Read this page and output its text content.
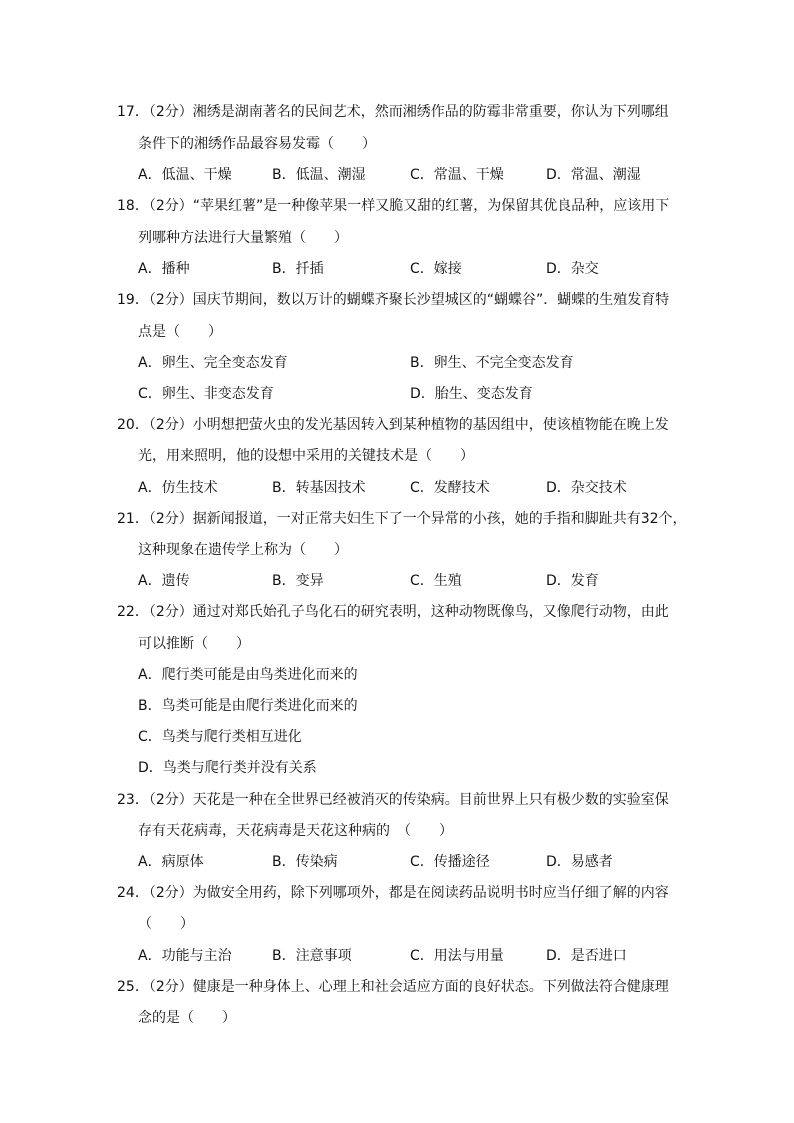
17．（2分）湘绣是湖南著名的民间艺术，然而湘绣作品的防霉非常重要，你认为下列哪组
条件下的湘绣作品最容易发霉（　　）
A．低温、干燥	B．低温、潮湿	C．常温、干燥	D．常温、潮湿
18．（2分）“苹果红薯”是一种像苹果一样又脆又甜的红薯，为保留其优良品种，应该用下
列哪种方法进行大量繁殖（　　）
A．播种	B．扦插	C．嫁接	D．杂交
19．（2分）国庆节期间，数以万计的蝴蝶齐聚长沙望城区的“蝴蝶谷”．蝴蝶的生殖发育特
点是（　　）
A．卵生、完全变态发育	B．卵生、不完全变态发育
C．卵生、非变态发育	D．胎生、变态发育
20．（2分）小明想把萤火虫的发光基因转入到某种植物的基因组中，使该植物能在晚上发
光，用来照明，他的设想中采用的关键技术是（　　）
A．仿生技术	B．转基因技术	C．发酵技术	D．杂交技术
21．（2分）据新闻报道，一对正常夫妇生下了一个异常的小孩，她的手指和脚趾共有32个，
这种现象在遗传学上称为（　　）
A．遗传	B．变异	C．生殖	D．发育
22．（2分）通过对郑氏始孔子鸟化石的研究表明，这种动物既像鸟，又像爬行动物，由此
可以推断（　　）
A．爬行类可能是由鸟类进化而来的
B．鸟类可能是由爬行类进化而来的
C．鸟类与爬行类相互进化
D．鸟类与爬行类并没有关系
23．（2分）天花是一种在全世界已经被消灭的传染病。目前世界上只有极少数的实验室保
存有天花病毒，天花病毒是天花这种病的　（　　）
A．病原体	B．传染病	C．传播途径	D．易感者
24．（2分）为做安全用药，除下列哪项外，都是在阅读药品说明书时应当仔细了解的内容
（　　）
A．功能与主治	B．注意事项	C．用法与用量	D．是否进口
25．（2分）健康是一种身体上、心理上和社会适应方面的良好状态。下列做法符合健康理
念的是（　　）
